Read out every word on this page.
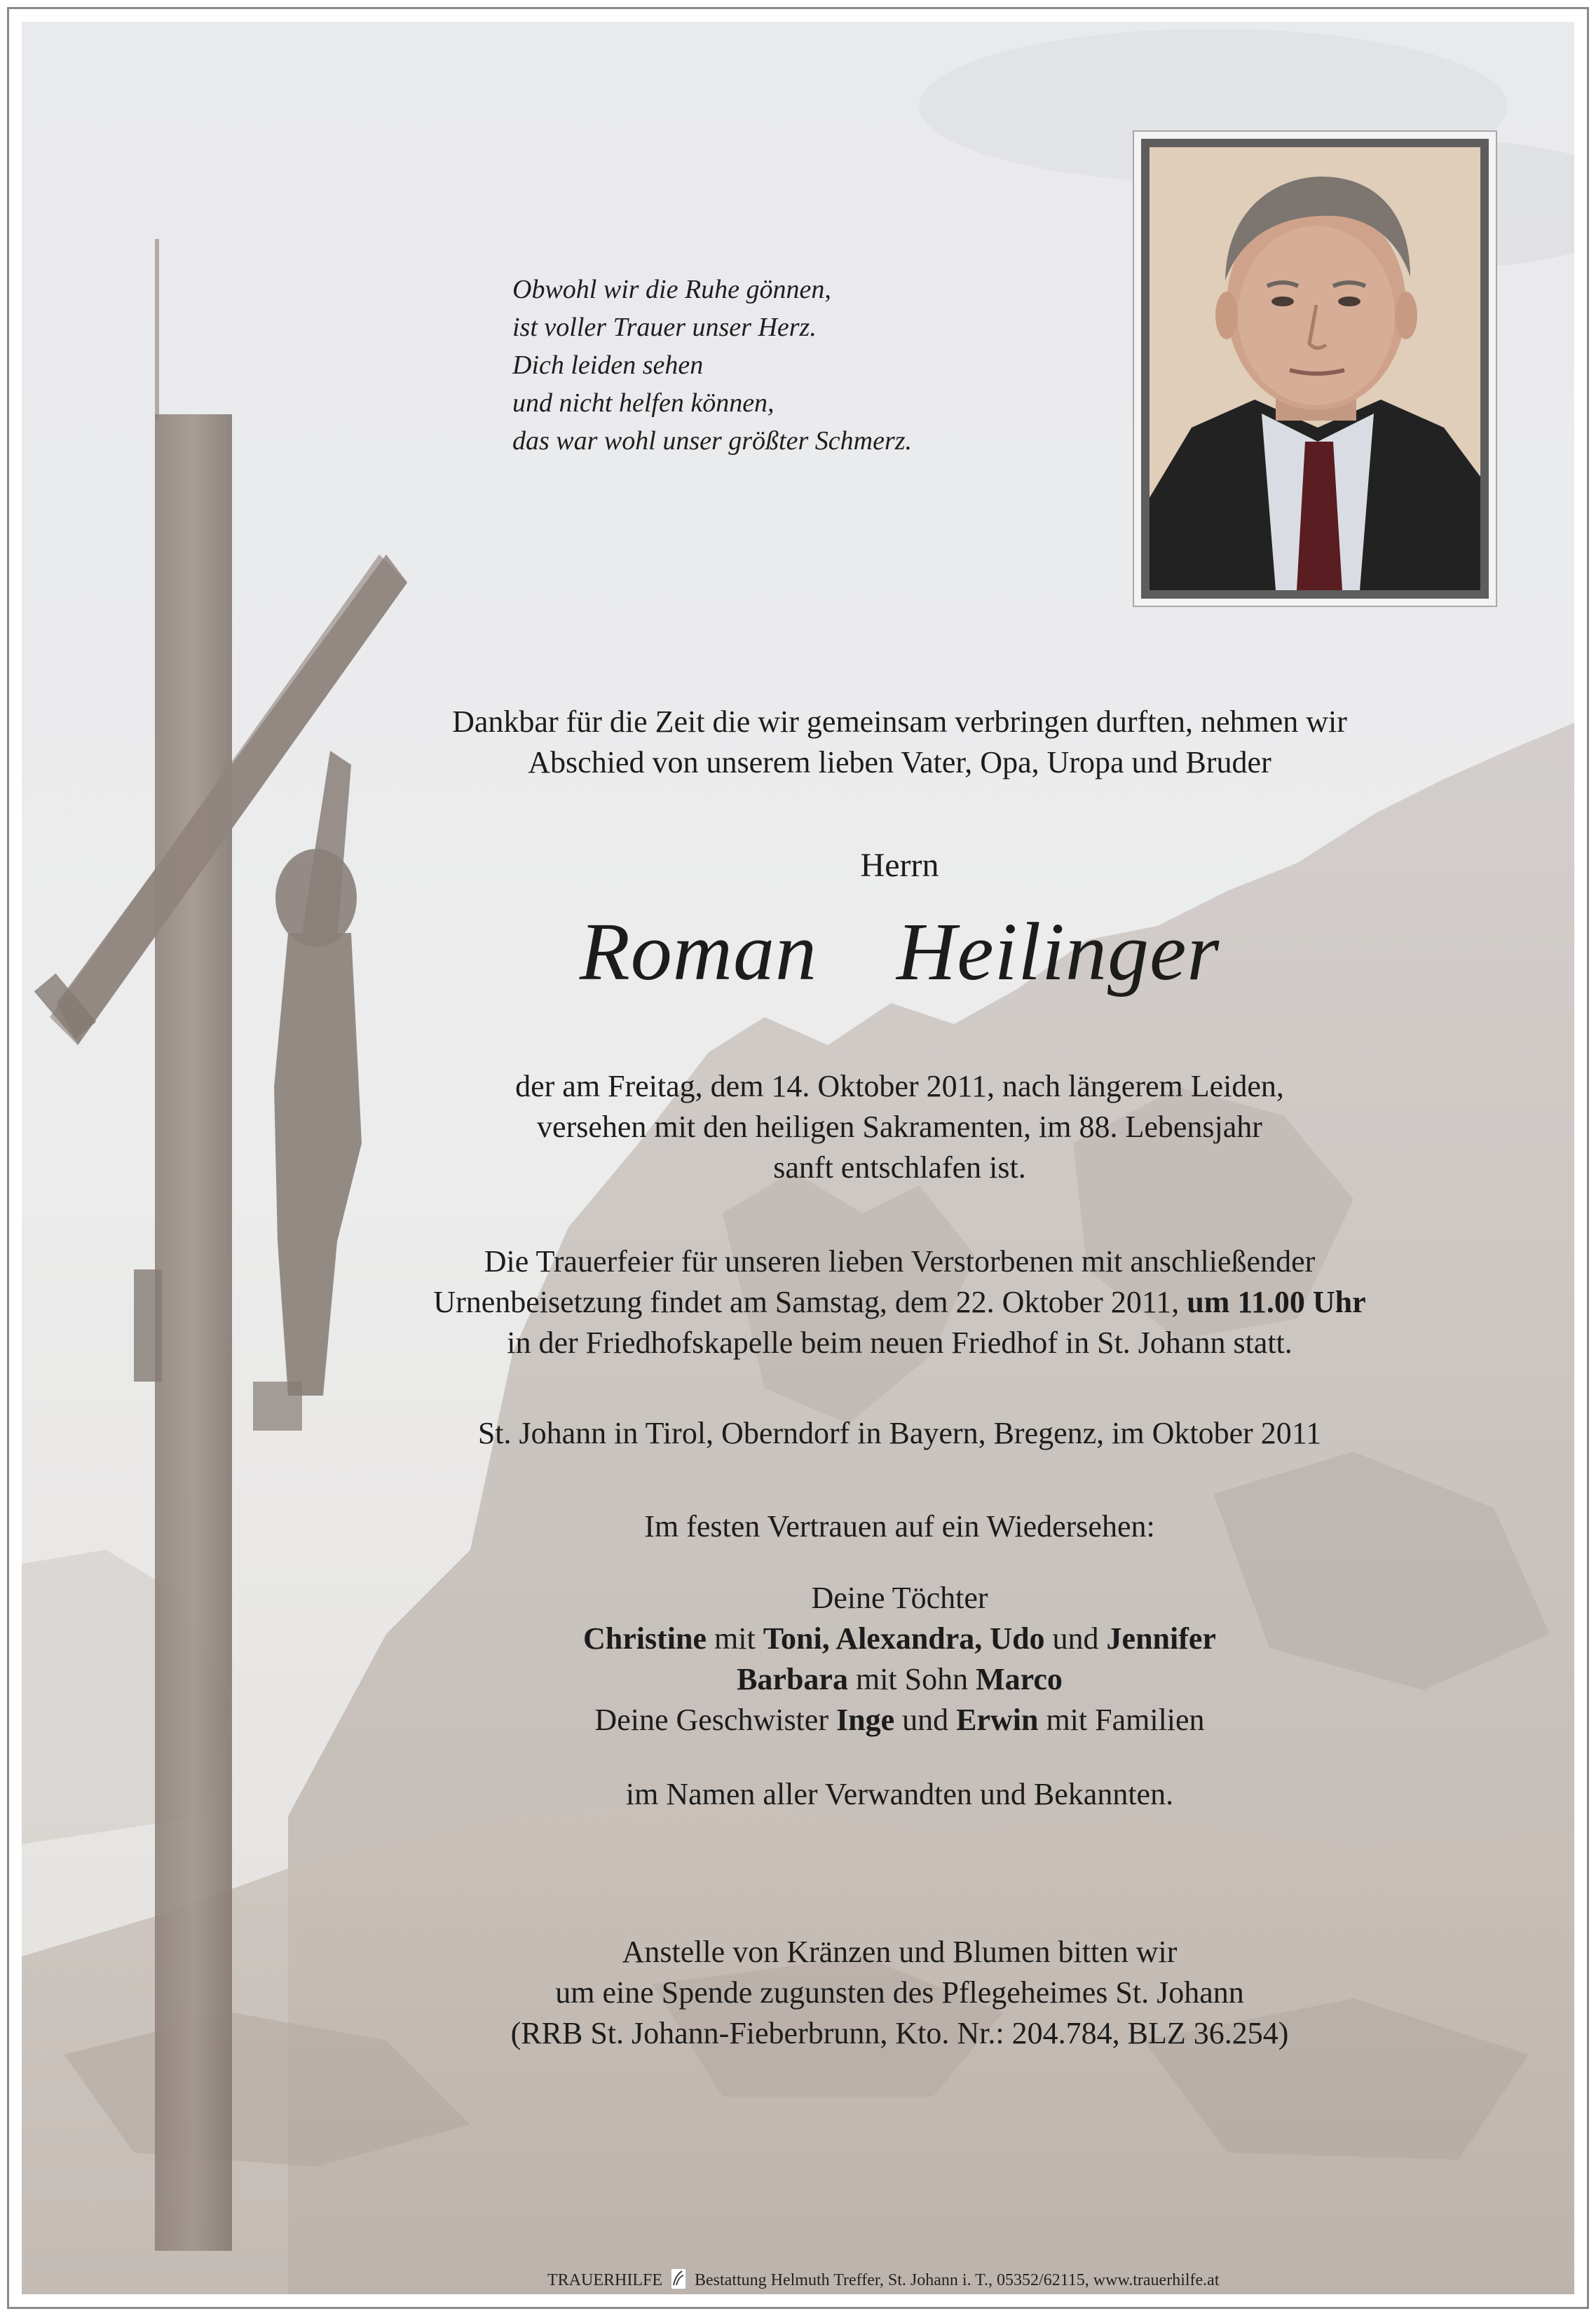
Obwohl wir die Ruhe gönnen,
ist voller Trauer unser Herz.
Dich leiden sehen
und nicht helfen können,
das war wohl unser größter Schmerz.
Dankbar für die Zeit die wir gemeinsam verbringen durften, nehmen wir
Abschied von unserem lieben Vater, Opa, Uropa und Bruder
Herrn
Roman  Heilinger
der am Freitag, dem 14. Oktober 2011, nach längerem Leiden,
versehen mit den heiligen Sakramenten, im 88. Lebensjahr
sanft entschlafen ist.
Die Trauerfeier für unseren lieben Verstorbenen mit anschließender
Urnenbeisetzung findet am Samstag, dem 22. Oktober 2011, um 11.00 Uhr
in der Friedhofskapelle beim neuen Friedhof in St. Johann statt.
St. Johann in Tirol, Oberndorf in Bayern, Bregenz, im Oktober 2011
Im festen Vertrauen auf ein Wiedersehen:
Deine Töchter
Christine mit Toni, Alexandra, Udo und Jennifer
Barbara mit Sohn Marco
Deine Geschwister Inge und Erwin mit Familien
im Namen aller Verwandten und Bekannten.
Anstelle von Kränzen und Blumen bitten wir
um eine Spende zugunsten des Pflegeheimes St. Johann
(RRB St. Johann-Fieberbrunn, Kto. Nr.: 204.784, BLZ 36.254)
TRAUERHILFE Bestattung Helmuth Treffer, St. Johann i. T., 05352/62115, www.trauerhilfe.at
